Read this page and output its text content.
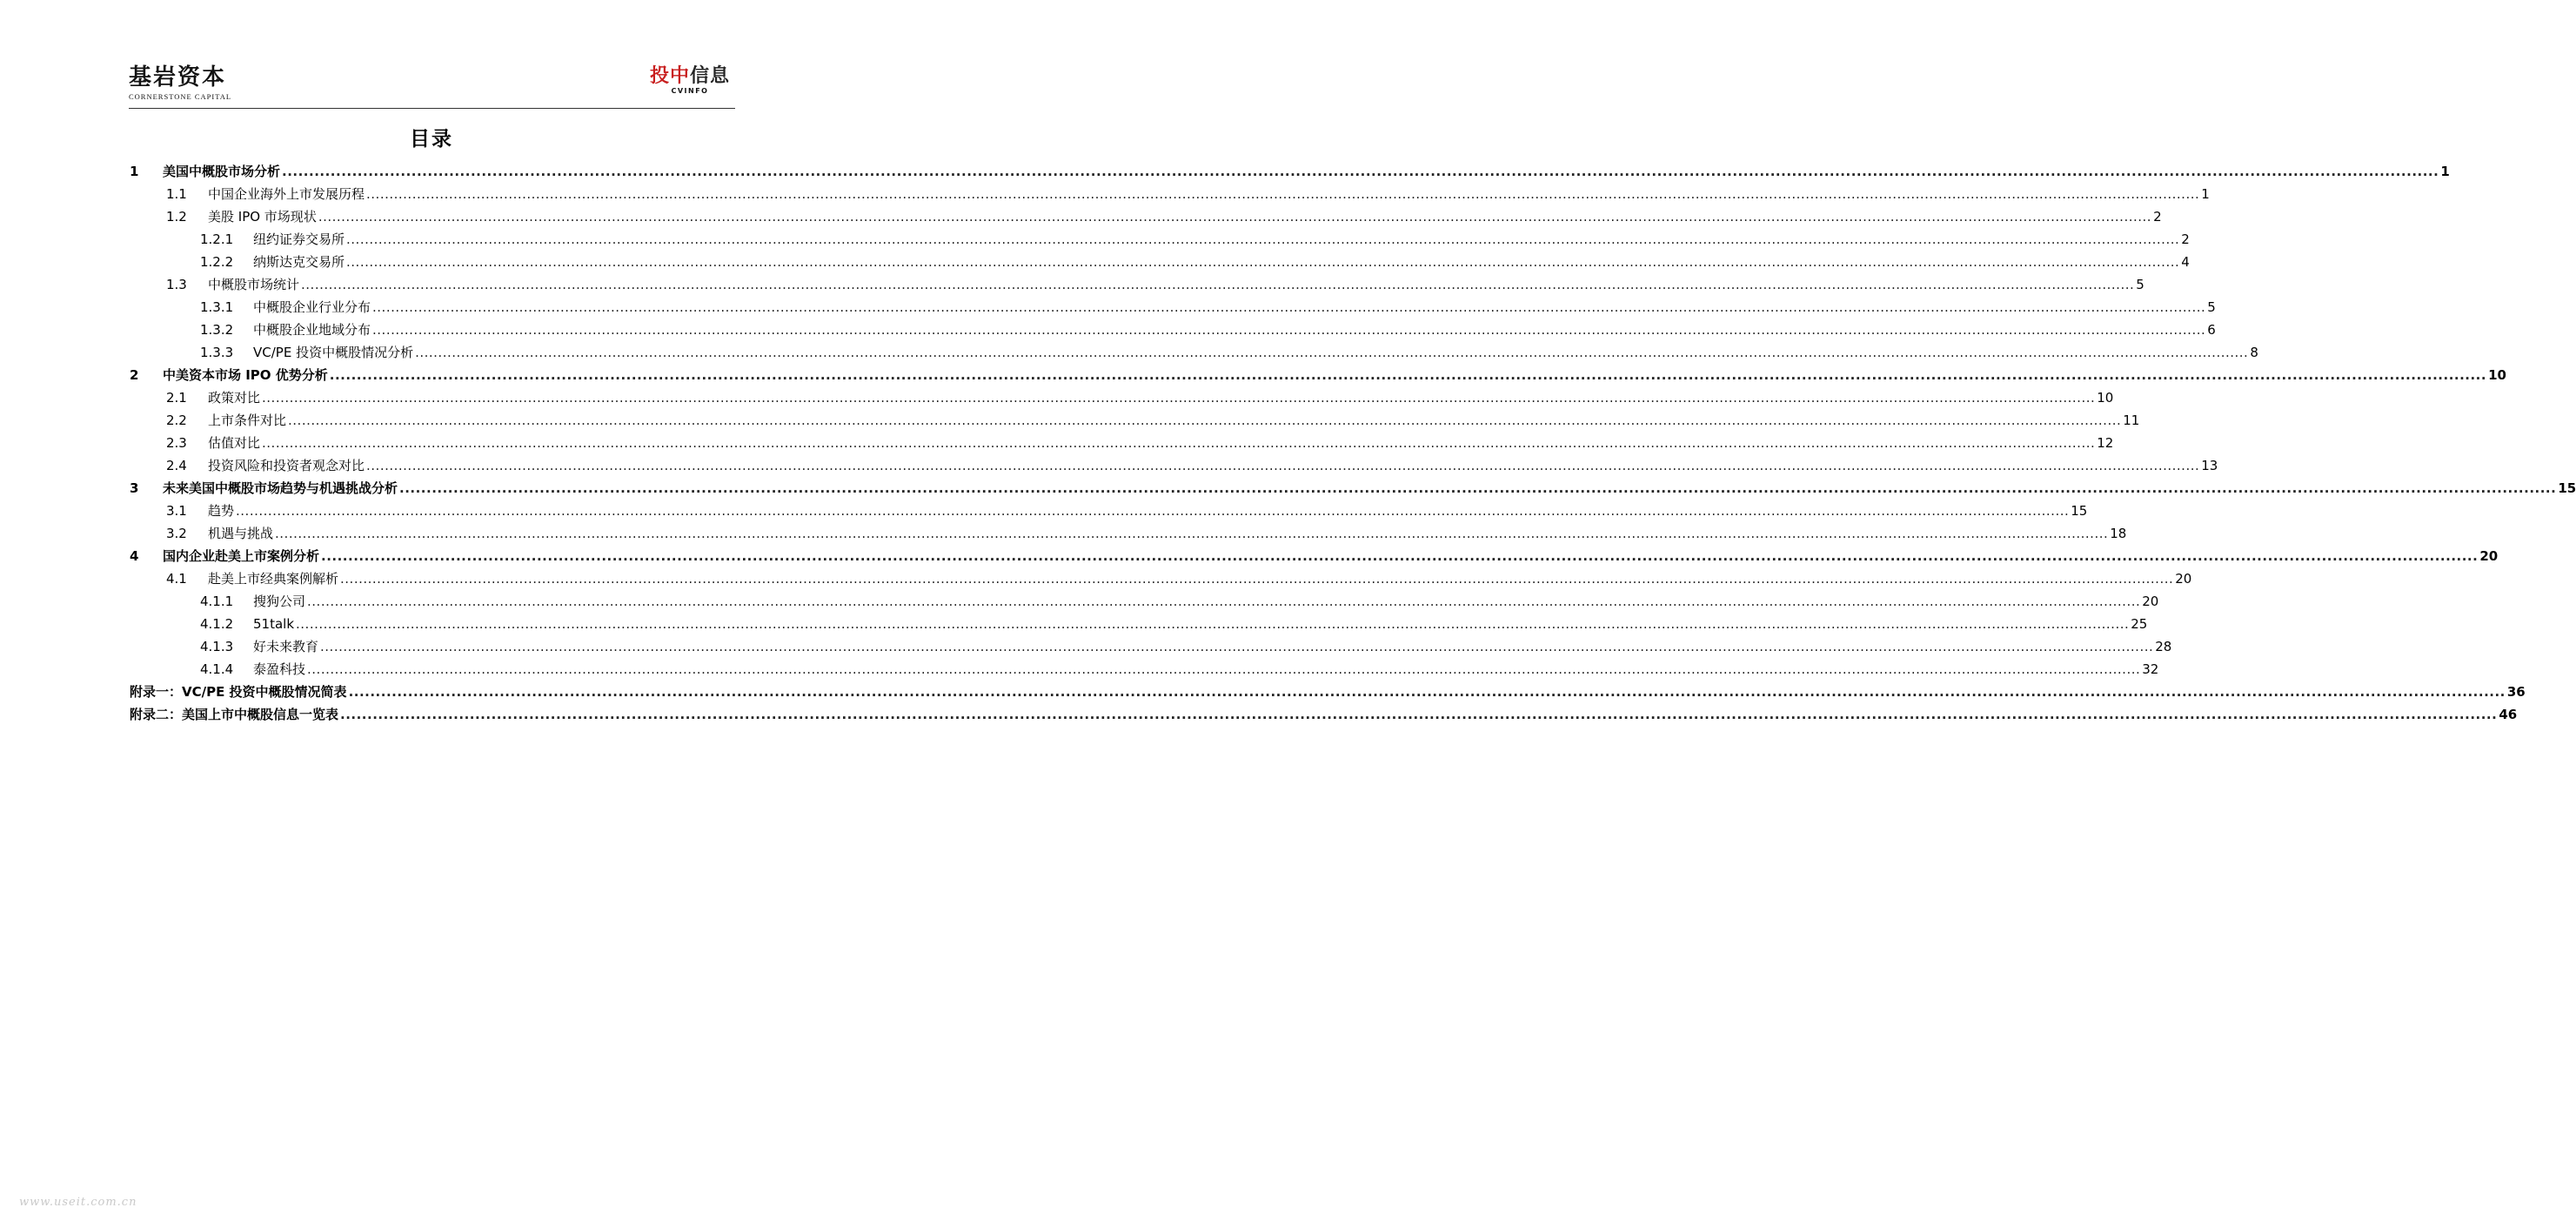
基岩资本
CORNERSTONE CAPITAL
投中信息
CVINFO
目录
1	美国中概股市场分析 ................................................................................................................................................................................................................................................................................................................................................................................................................ 1
1.1	中国企业海外上市发展历程 ................................................................................................................................................................................................................................................................................................................................................................................................................ 1
1.2	美股 IPO 市场现状 ................................................................................................................................................................................................................................................................................................................................................................................................................ 2
1.2.1	纽约证券交易所 ................................................................................................................................................................................................................................................................................................................................................................................................................ 2
1.2.2	纳斯达克交易所 ................................................................................................................................................................................................................................................................................................................................................................................................................ 4
1.3	中概股市场统计 ................................................................................................................................................................................................................................................................................................................................................................................................................ 5
1.3.1	中概股企业行业分布 ................................................................................................................................................................................................................................................................................................................................................................................................................ 5
1.3.2	中概股企业地域分布 ................................................................................................................................................................................................................................................................................................................................................................................................................ 6
1.3.3	VC/PE 投资中概股情况分析 ................................................................................................................................................................................................................................................................................................................................................................................................................ 8
2	中美资本市场 IPO 优势分析 ................................................................................................................................................................................................................................................................................................................................................................................................................ 10
2.1	政策对比 ................................................................................................................................................................................................................................................................................................................................................................................................................ 10
2.2	上市条件对比 ................................................................................................................................................................................................................................................................................................................................................................................................................ 11
2.3	估值对比 ................................................................................................................................................................................................................................................................................................................................................................................................................ 12
2.4	投资风险和投资者观念对比 ................................................................................................................................................................................................................................................................................................................................................................................................................ 13
3	未来美国中概股市场趋势与机遇挑战分析 ................................................................................................................................................................................................................................................................................................................................................................................................................ 15
3.1	趋势 ................................................................................................................................................................................................................................................................................................................................................................................................................ 15
3.2	机遇与挑战 ................................................................................................................................................................................................................................................................................................................................................................................................................ 18
4	国内企业赴美上市案例分析 ................................................................................................................................................................................................................................................................................................................................................................................................................ 20
4.1	赴美上市经典案例解析 ................................................................................................................................................................................................................................................................................................................................................................................................................ 20
4.1.1	搜狗公司 ................................................................................................................................................................................................................................................................................................................................................................................................................ 20
4.1.2	51talk ................................................................................................................................................................................................................................................................................................................................................................................................................ 25
4.1.3	好未来教育 ................................................................................................................................................................................................................................................................................................................................................................................................................ 28
4.1.4	泰盈科技 ................................................................................................................................................................................................................................................................................................................................................................................................................ 32
附录一：VC/PE 投资中概股情况简表 ................................................................................................................................................................................................................................................................................................................................................................................................................ 36
附录二：美国上市中概股信息一览表 ................................................................................................................................................................................................................................................................................................................................................................................................................ 46
www.useit.com.cn
